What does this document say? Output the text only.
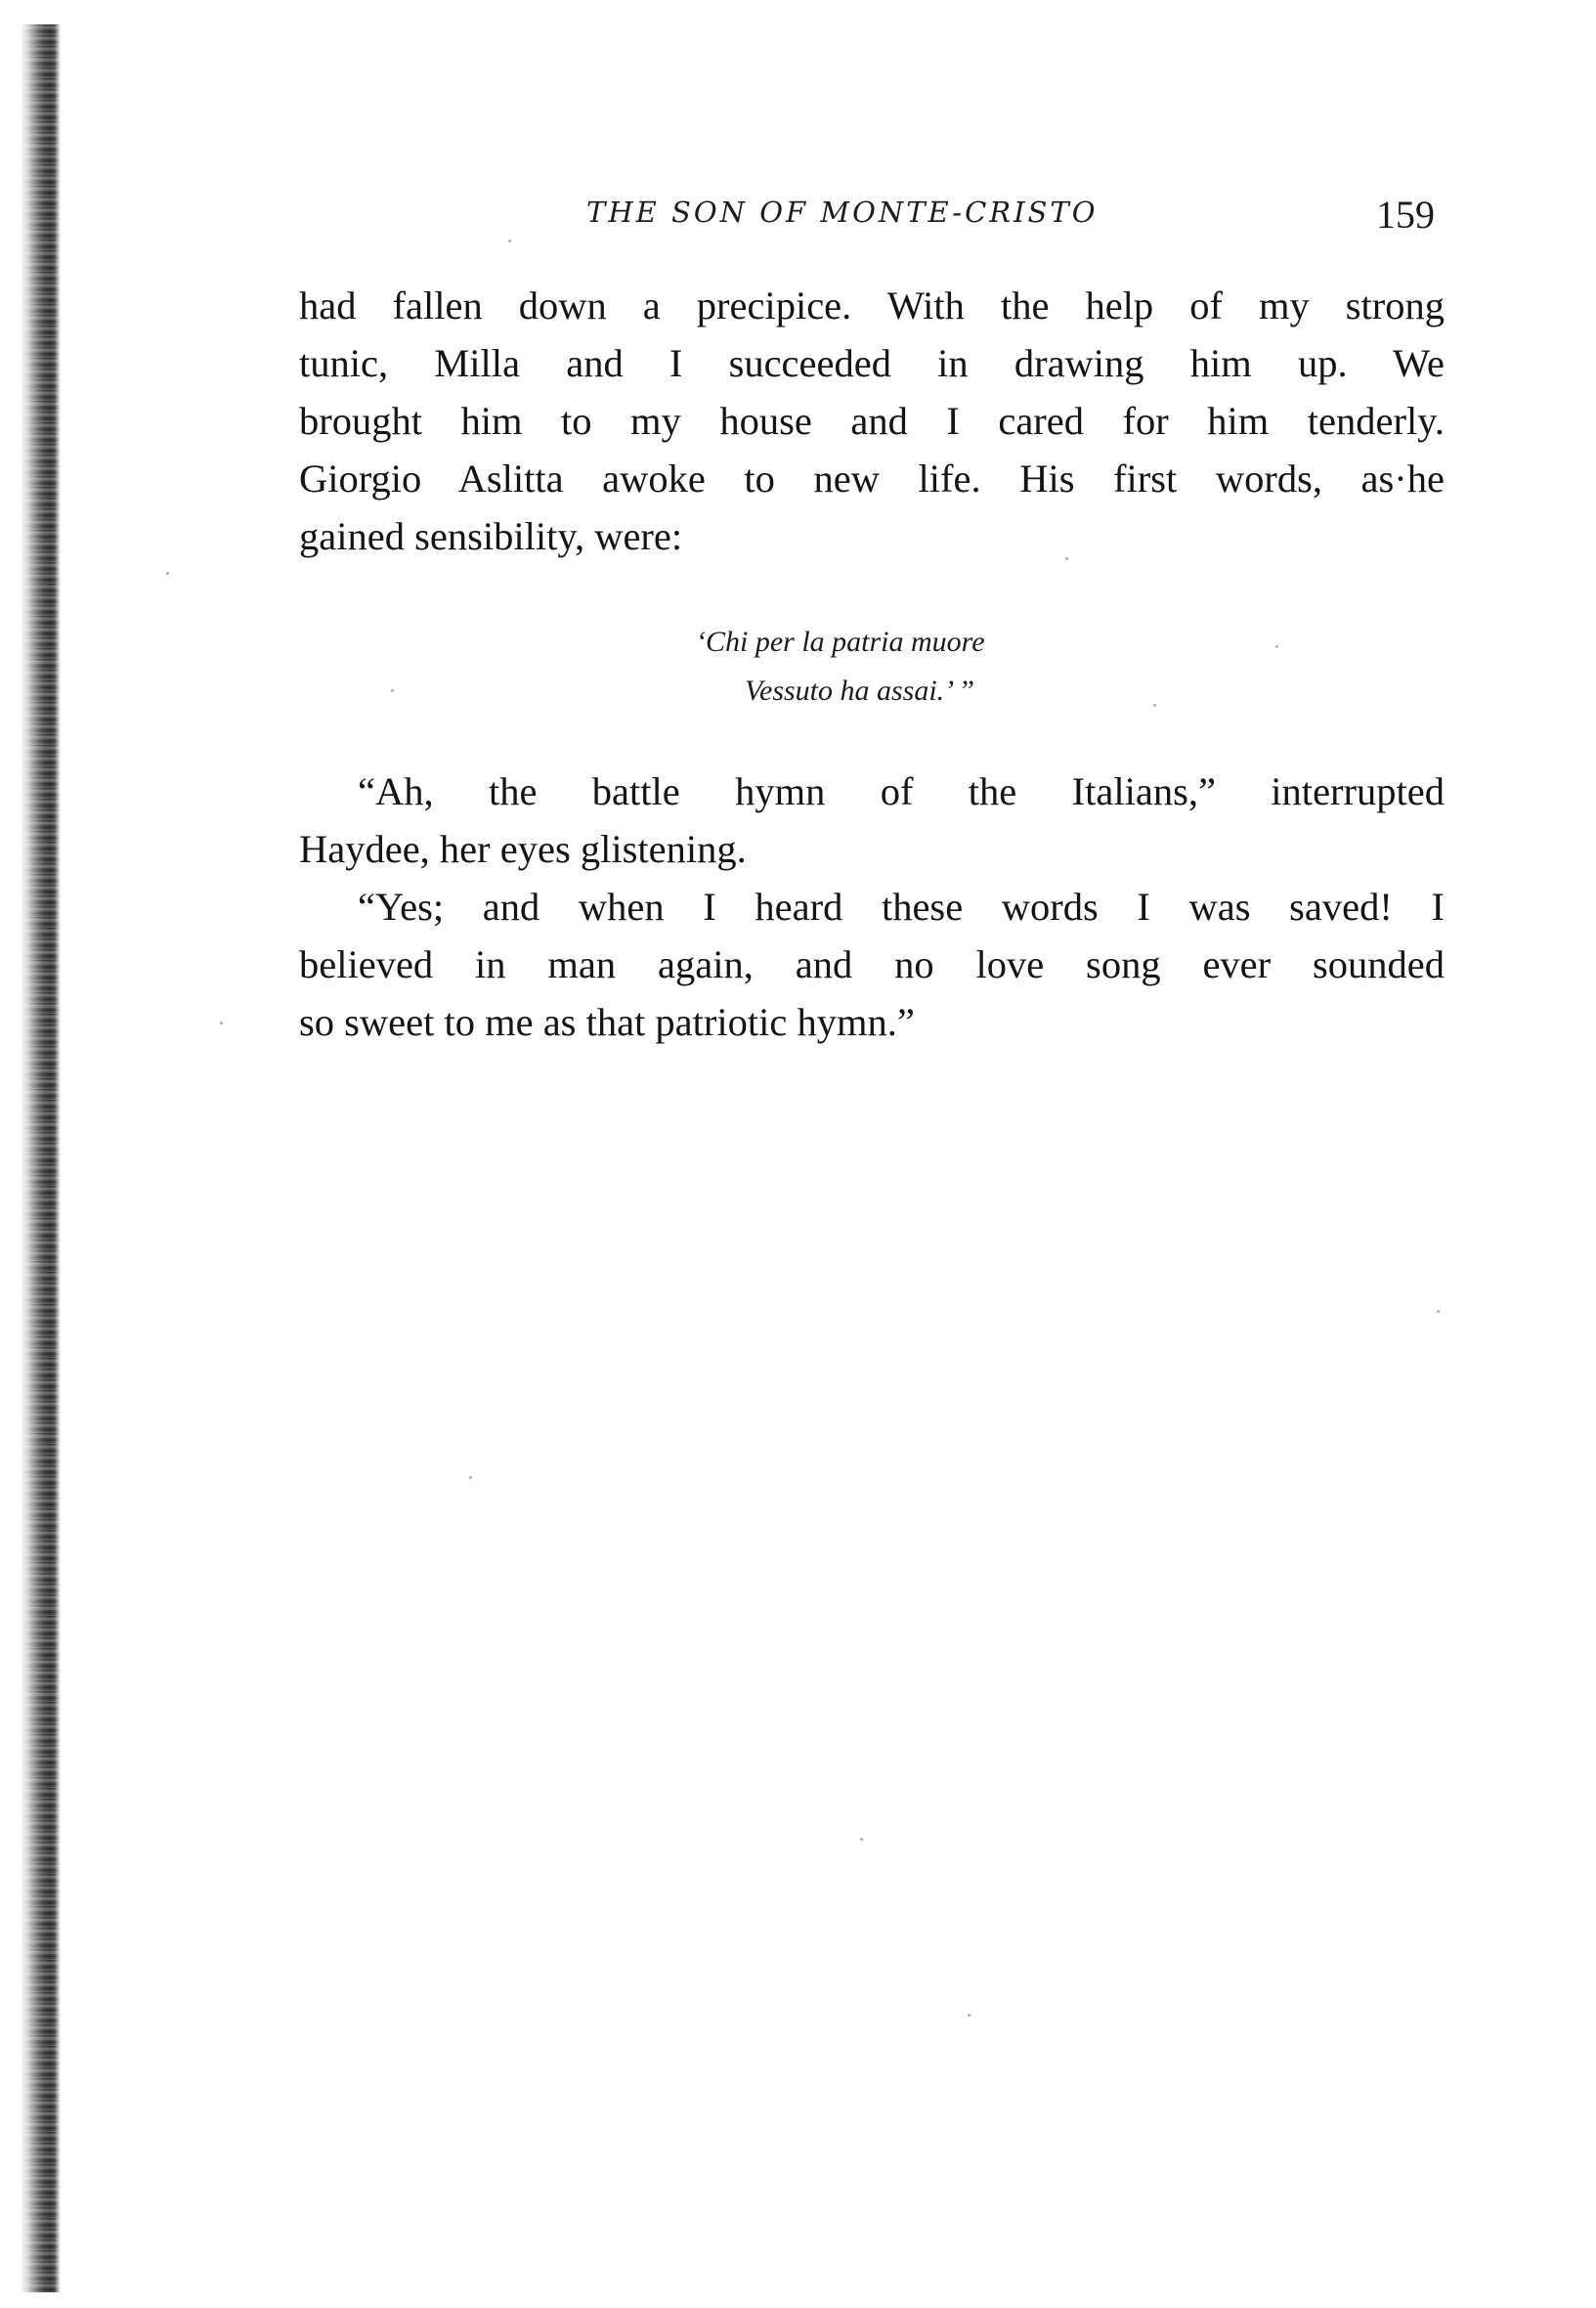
THE SON OF MONTE-CRISTO	159
had fallen down a precipice. With the help of my strong
tunic, Milla and I succeeded in drawing him up. We
brought him to my house and I cared for him tenderly.
Giorgio Aslitta awoke to new life. His first words, as·he
gained sensibility, were:
‘Chi per la patria muore
Vessuto ha assai.’ ”
“Ah, the battle hymn of the Italians,” interrupted
Haydee, her eyes glistening.
“Yes; and when I heard these words I was saved! I
believed in man again, and no love song ever sounded
so sweet to me as that patriotic hymn.”
